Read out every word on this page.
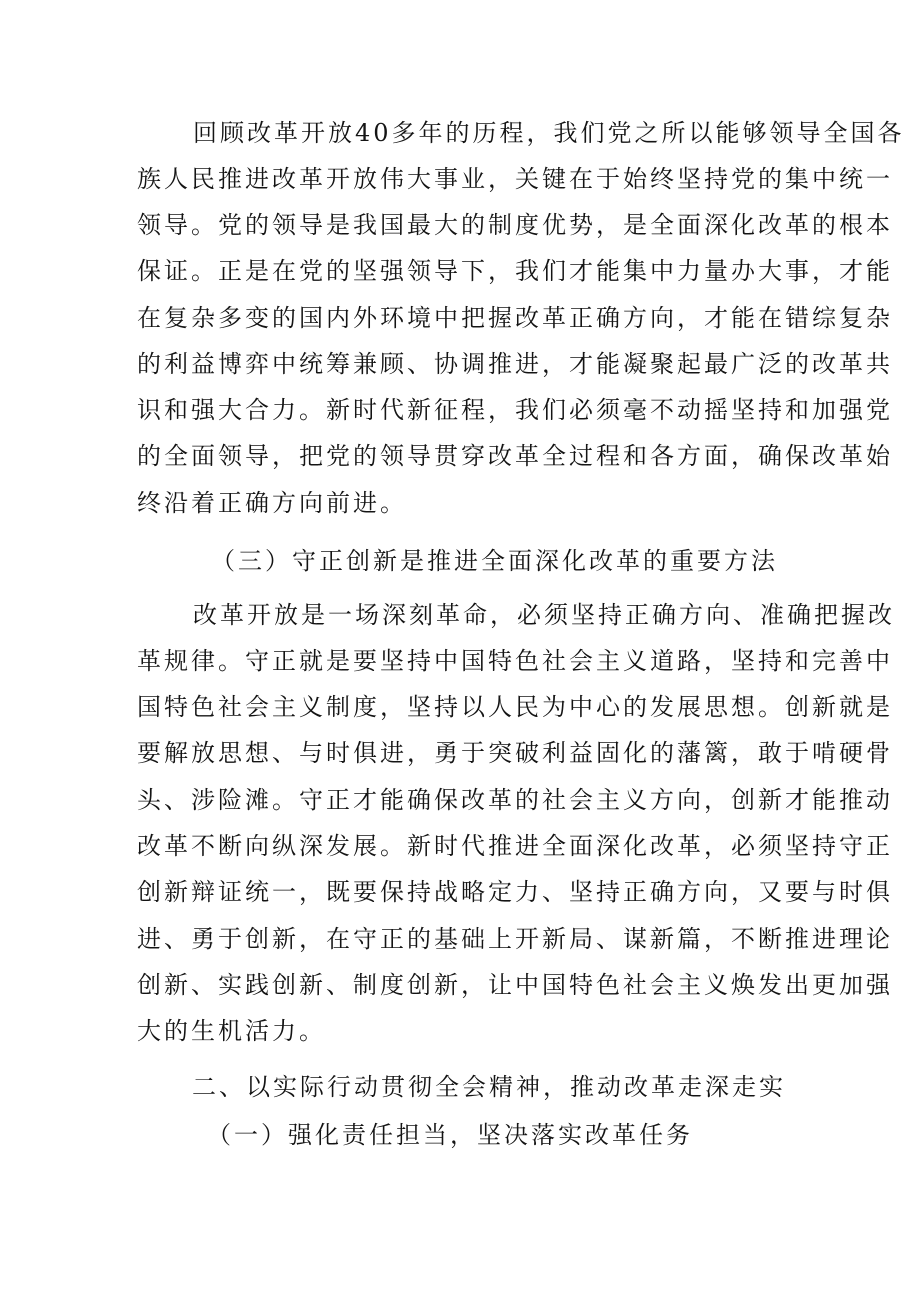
回顾改革开放40多年的历程，我们党之所以能够领导全国各
族人民推进改革开放伟大事业，关键在于始终坚持党的集中统一
领导。党的领导是我国最大的制度优势，是全面深化改革的根本
保证。正是在党的坚强领导下，我们才能集中力量办大事，才能
在复杂多变的国内外环境中把握改革正确方向，才能在错综复杂
的利益博弈中统筹兼顾、协调推进，才能凝聚起最广泛的改革共
识和强大合力。新时代新征程，我们必须毫不动摇坚持和加强党
的全面领导，把党的领导贯穿改革全过程和各方面，确保改革始
终沿着正确方向前进。
（三）守正创新是推进全面深化改革的重要方法
改革开放是一场深刻革命，必须坚持正确方向、准确把握改
革规律。守正就是要坚持中国特色社会主义道路，坚持和完善中
国特色社会主义制度，坚持以人民为中心的发展思想。创新就是
要解放思想、与时俱进，勇于突破利益固化的藩篱，敢于啃硬骨
头、涉险滩。守正才能确保改革的社会主义方向，创新才能推动
改革不断向纵深发展。新时代推进全面深化改革，必须坚持守正
创新辩证统一，既要保持战略定力、坚持正确方向，又要与时俱
进、勇于创新，在守正的基础上开新局、谋新篇，不断推进理论
创新、实践创新、制度创新，让中国特色社会主义焕发出更加强
大的生机活力。
二、以实际行动贯彻全会精神，推动改革走深走实
（一）强化责任担当，坚决落实改革任务
